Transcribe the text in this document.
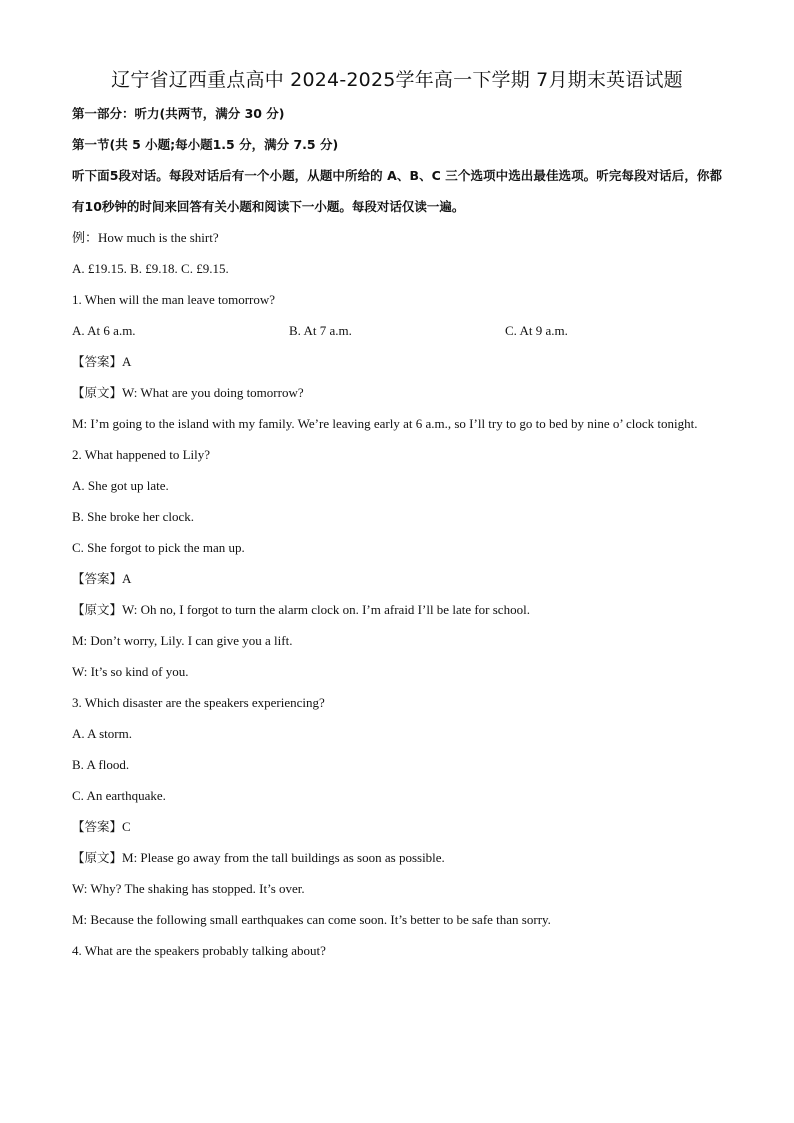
辽宁省辽西重点高中 2024-2025学年高一下学期 7月期末英语试题
第一部分：听力(共两节，满分 30 分)
第一节(共 5 小题;每小题1.5 分，满分 7.5 分)
听下面5段对话。每段对话后有一个小题，从题中所给的 A、B、C 三个选项中选出最佳选项。听完每段对话后，你都有10秒钟的时间来回答有关小题和阅读下一小题。每段对话仅读一遍。
例：How much is the shirt?
A. £19.15. B. £9.18. C. £9.15.
1. When will the man leave tomorrow?
A. At 6 a.m.	B. At 7 a.m.	C. At 9 a.m.
【答案】A
【原文】W: What are you doing tomorrow?
M: I’m going to the island with my family. We’re leaving early at 6 a.m., so I’ll try to go to bed by nine o’ clock tonight.
2. What happened to Lily?
A. She got up late.
B. She broke her clock.
C. She forgot to pick the man up.
【答案】A
【原文】W: Oh no, I forgot to turn the alarm clock on. I’m afraid I’ll be late for school.
M: Don’t worry, Lily. I can give you a lift.
W: It’s so kind of you.
3. Which disaster are the speakers experiencing?
A. A storm.
B. A flood.
C. An earthquake.
【答案】C
【原文】M: Please go away from the tall buildings as soon as possible.
W: Why? The shaking has stopped. It’s over.
M: Because the following small earthquakes can come soon. It’s better to be safe than sorry.
4. What are the speakers probably talking about?
